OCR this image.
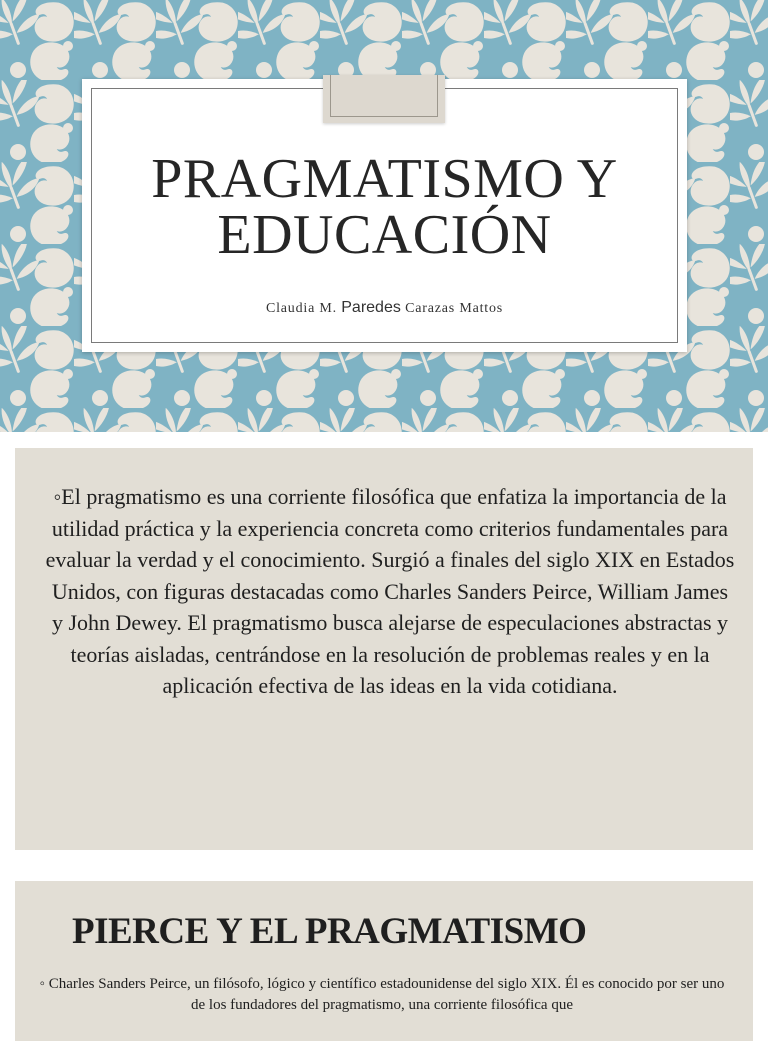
PRAGMATISMO Y
EDUCACIÓN
Claudia M. Paredes Carazas Mattos

◦El pragmatismo es una corriente filosófica que enfatiza la importancia de la utilidad práctica y la experiencia concreta como criterios fundamentales para evaluar la verdad y el conocimiento. Surgió a finales del siglo XIX en Estados Unidos, con figuras destacadas como Charles Sanders Peirce, William James y John Dewey. El pragmatismo busca alejarse de especulaciones abstractas y teorías aisladas, centrándose en la resolución de problemas reales y en la aplicación efectiva de las ideas en la vida cotidiana.

PIERCE Y EL PRAGMATISMO

◦ Charles Sanders Peirce, un filósofo, lógico y científico estadounidense del siglo XIX. Él es conocido por ser uno de los fundadores del pragmatismo, una corriente filosófica que
